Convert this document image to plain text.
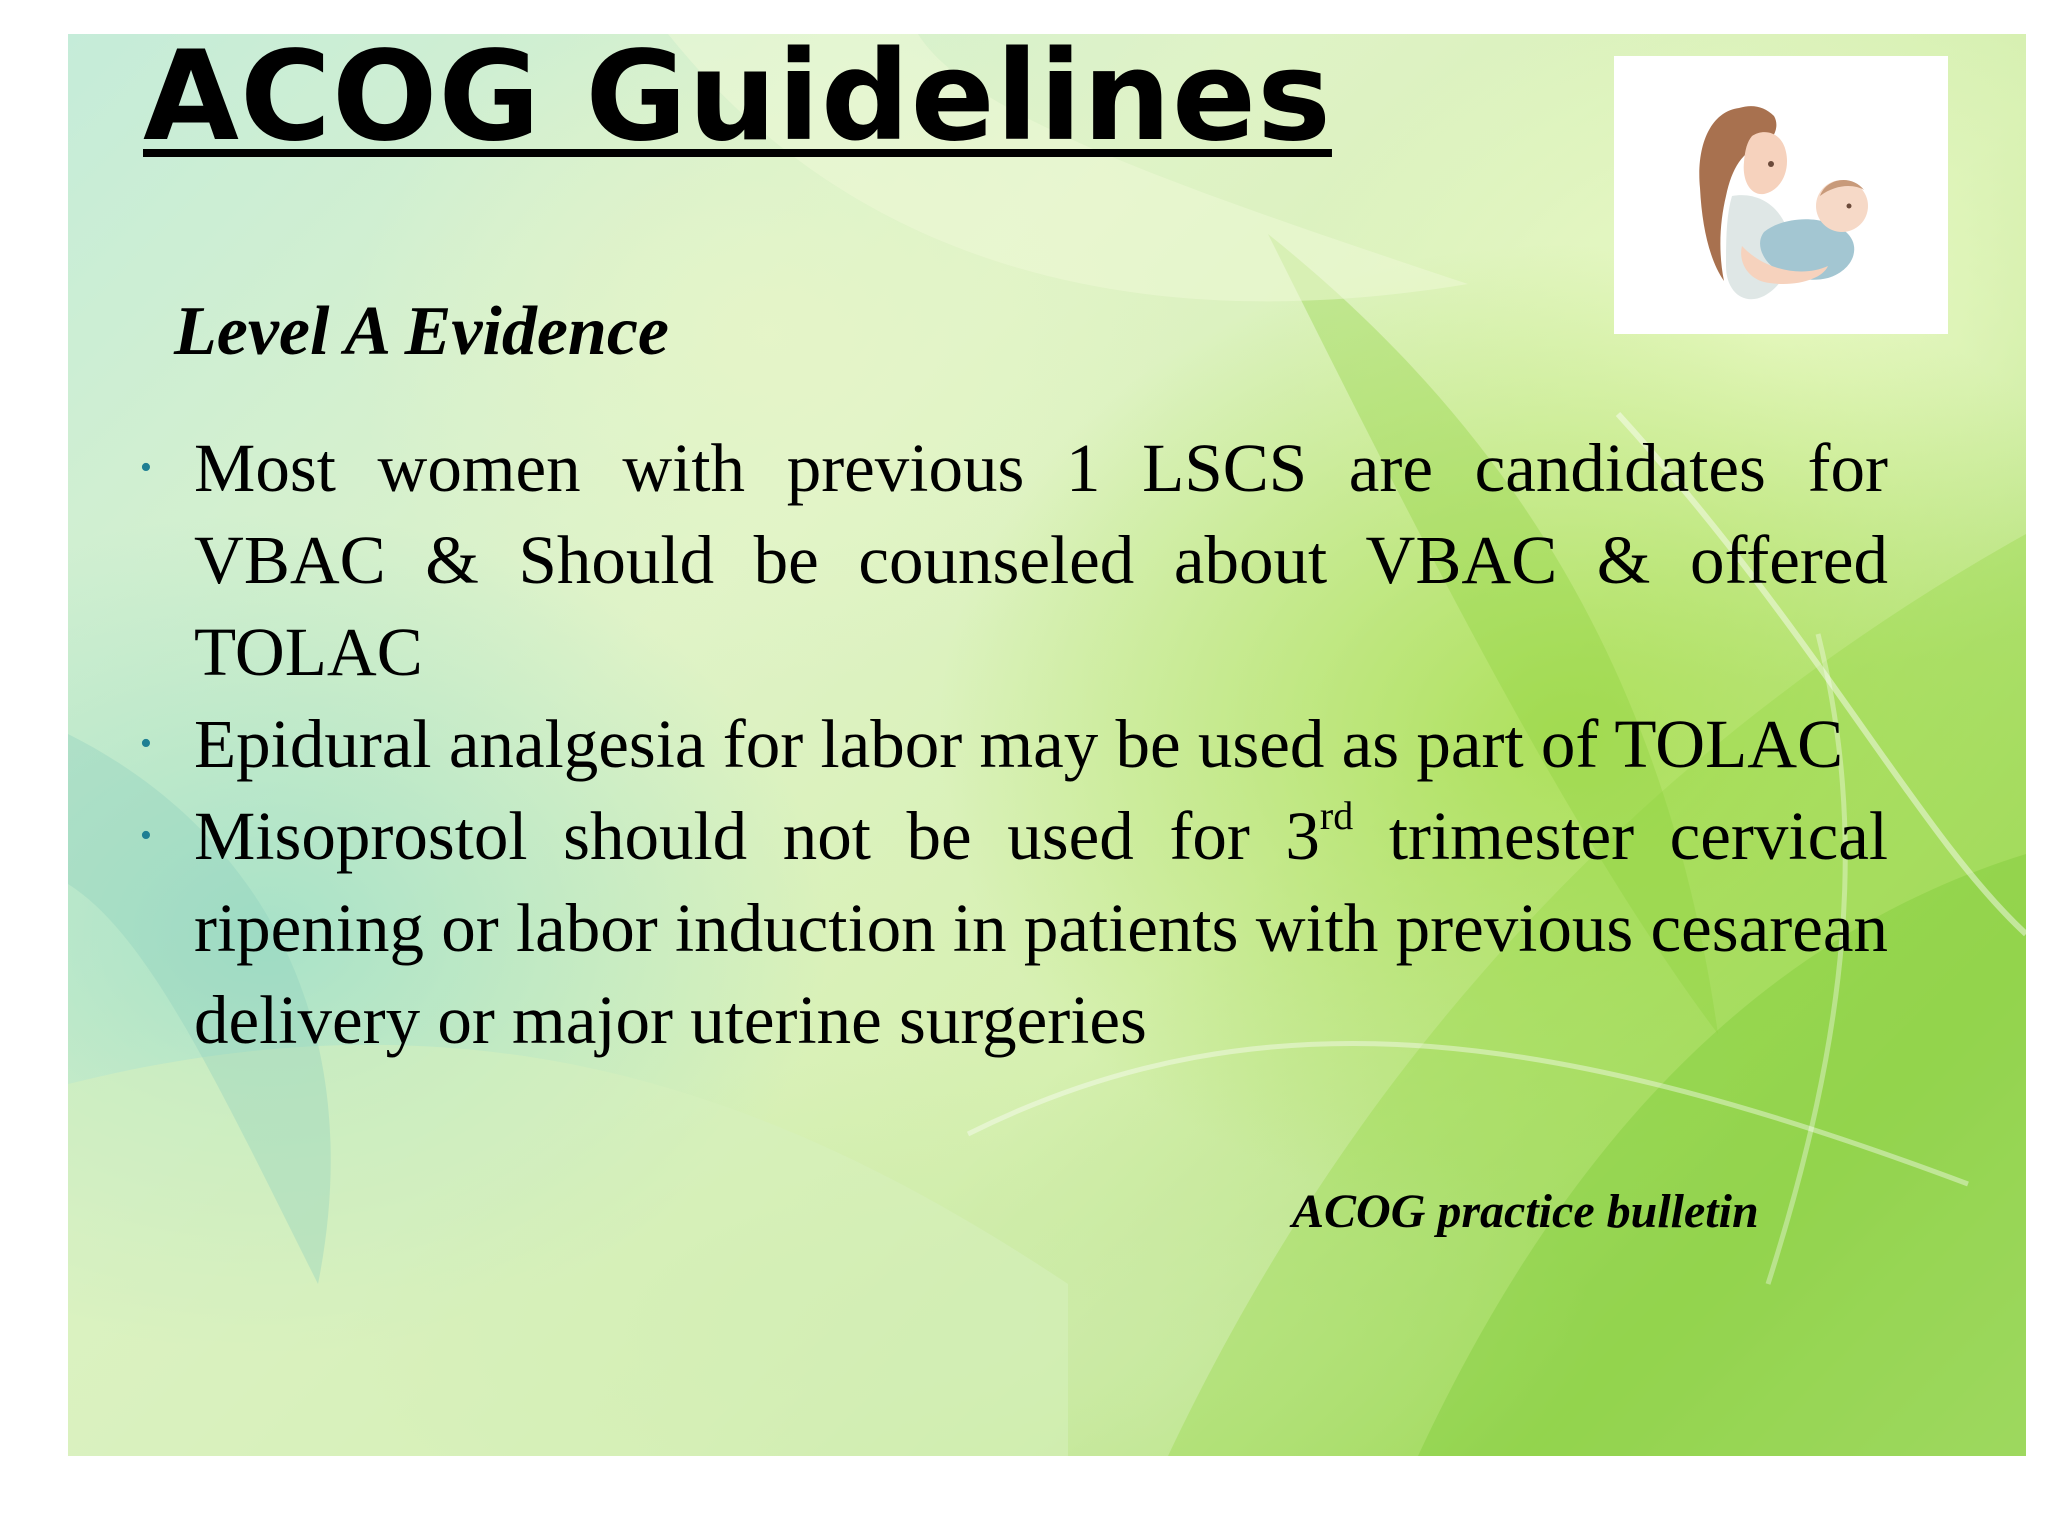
ACOG Guidelines
Level A Evidence
• Most women with previous 1 LSCS are candidates for VBAC & Should be counseled about VBAC & offered TOLAC
• Epidural analgesia for labor may be used as part of TOLAC
• Misoprostol should not be used for 3rd trimester cervical ripening or labor induction in patients with previous cesarean delivery or major uterine surgeries
ACOG practice bulletin
